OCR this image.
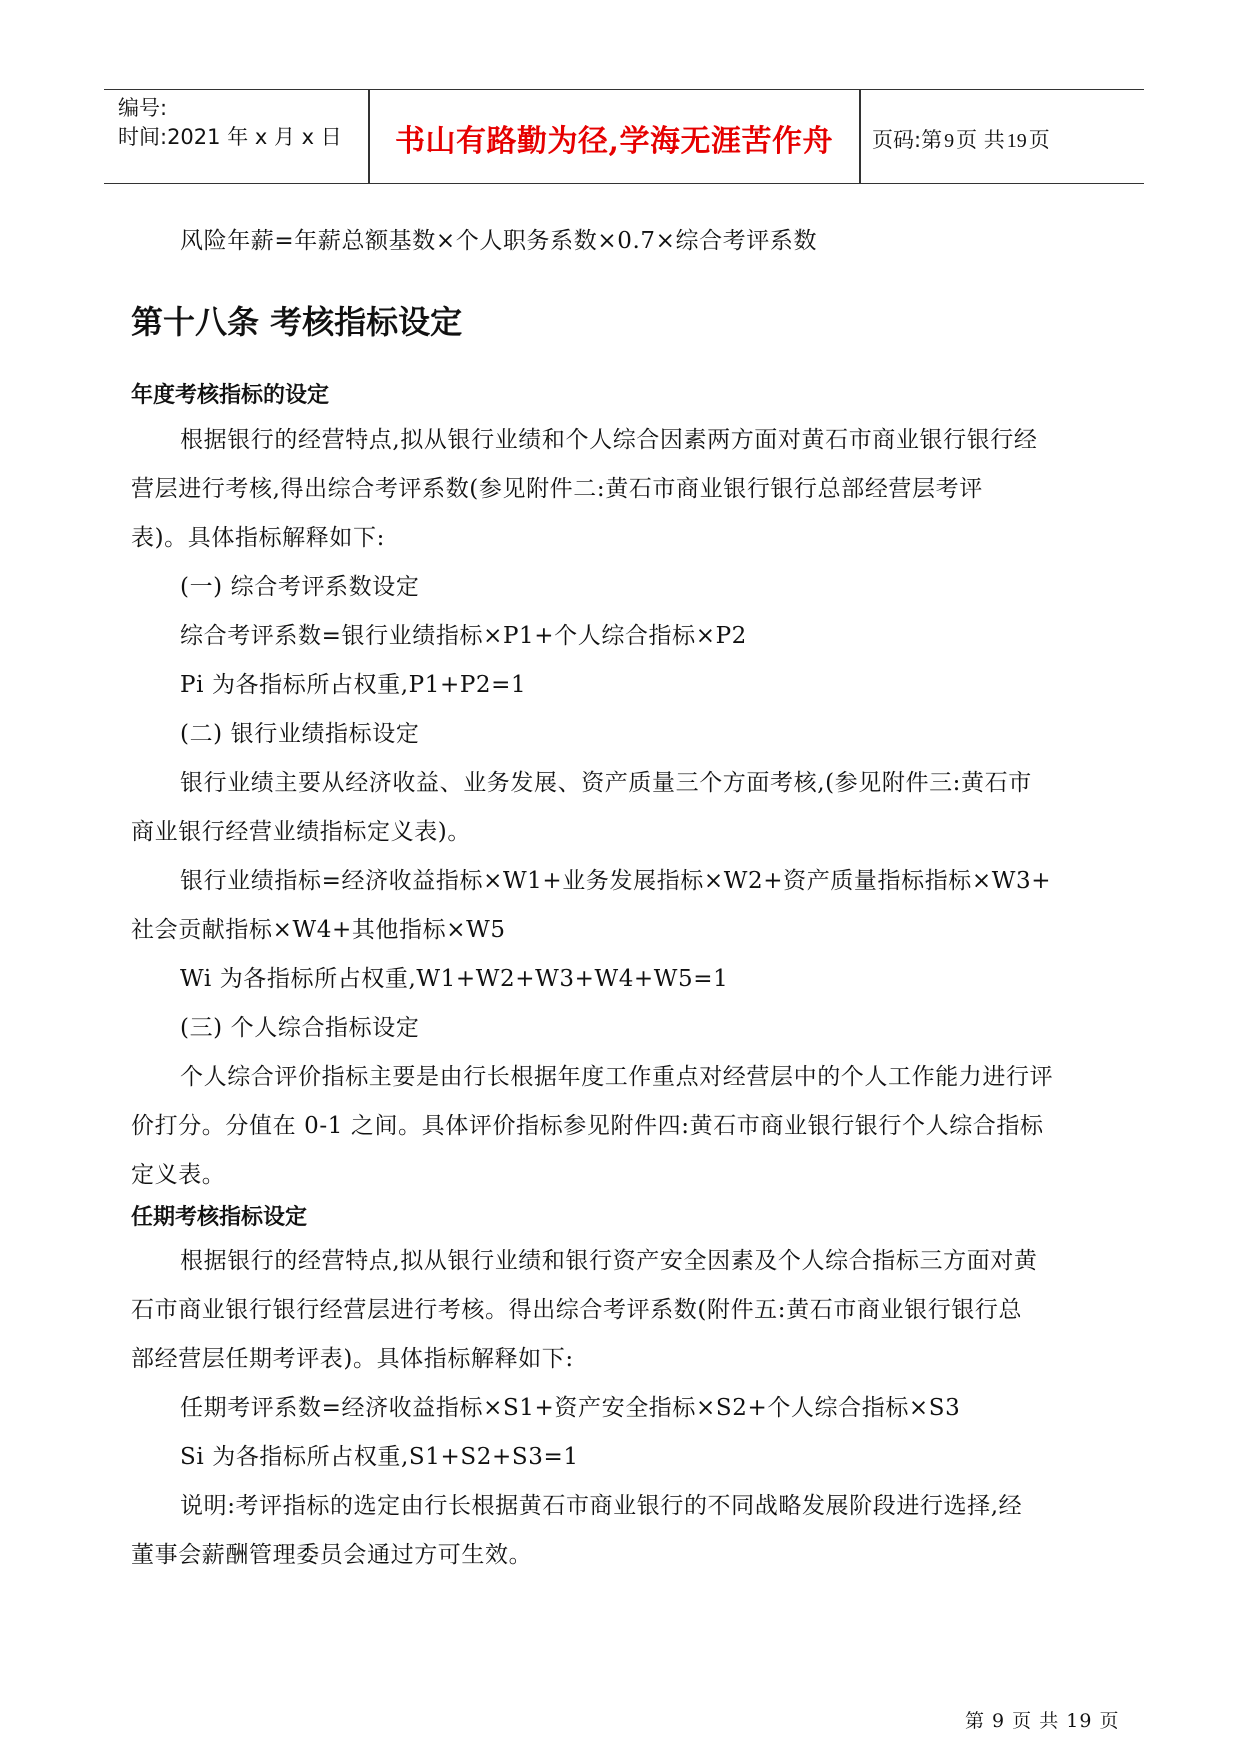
编号:
时间:2021 年 x 月 x 日	书山有路勤为径,学海无涯苦作舟	页码:第 9页 共 19页
风险年薪=年薪总额基数×个人职务系数×0.7×综合考评系数
第十八条 考核指标设定
年度考核指标的设定
根据银行的经营特点,拟从银行业绩和个人综合因素两方面对黄石市商业银行银行经
营层进行考核,得出综合考评系数(参见附件二:黄石市商业银行银行总部经营层考评
表)。具体指标解释如下:
(一) 综合考评系数设定
综合考评系数=银行业绩指标×P1+个人综合指标×P2
Pi 为各指标所占权重,P1+P2=1
(二) 银行业绩指标设定
银行业绩主要从经济收益、业务发展、资产质量三个方面考核,(参见附件三:黄石市
商业银行经营业绩指标定义表)。
银行业绩指标=经济收益指标×W1+业务发展指标×W2+资产质量指标指标×W3+
社会贡献指标×W4+其他指标×W5
Wi 为各指标所占权重,W1+W2+W3+W4+W5=1
(三) 个人综合指标设定
个人综合评价指标主要是由行长根据年度工作重点对经营层中的个人工作能力进行评
价打分。分值在 0-1 之间。具体评价指标参见附件四:黄石市商业银行银行个人综合指标
定义表。
任期考核指标设定
根据银行的经营特点,拟从银行业绩和银行资产安全因素及个人综合指标三方面对黄
石市商业银行银行经营层进行考核。得出综合考评系数(附件五:黄石市商业银行银行总
部经营层任期考评表)。具体指标解释如下:
任期考评系数=经济收益指标×S1+资产安全指标×S2+个人综合指标×S3
Si 为各指标所占权重,S1+S2+S3=1
说明:考评指标的选定由行长根据黄石市商业银行的不同战略发展阶段进行选择,经
董事会薪酬管理委员会通过方可生效。
第 9 页 共 19 页
